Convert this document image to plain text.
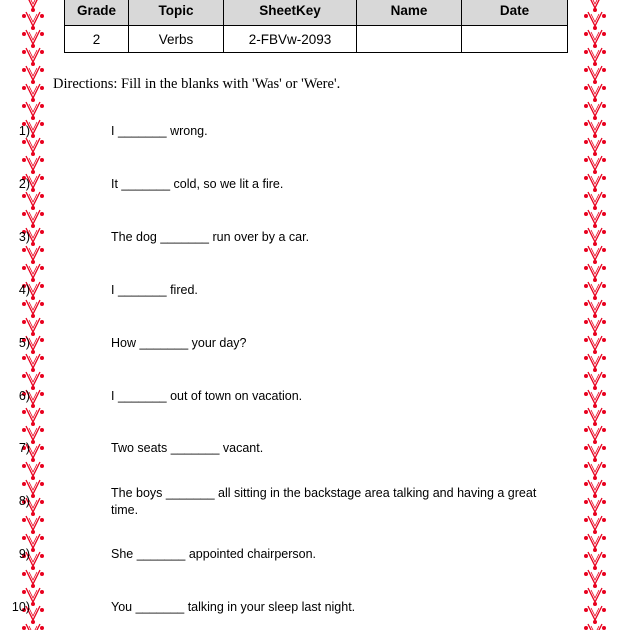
Grade	Topic	SheetKey	Name	Date
2	Verbs	2-FBVw-2093		
Directions: Fill in the blanks with 'Was' or 'Were'.
1)	I _______ wrong.
2)	It _______ cold, so we lit a fire.
3)	The dog _______ run over by a car.
4)	I _______ fired.
5)	How _______ your day?
6)	I _______ out of town on vacation.
7)	Two seats _______ vacant.
8)
The boys _______ all sitting in the backstage area talking and having a great time.
9)	She _______ appointed chairperson.
10)	You _______ talking in your sleep last night.
